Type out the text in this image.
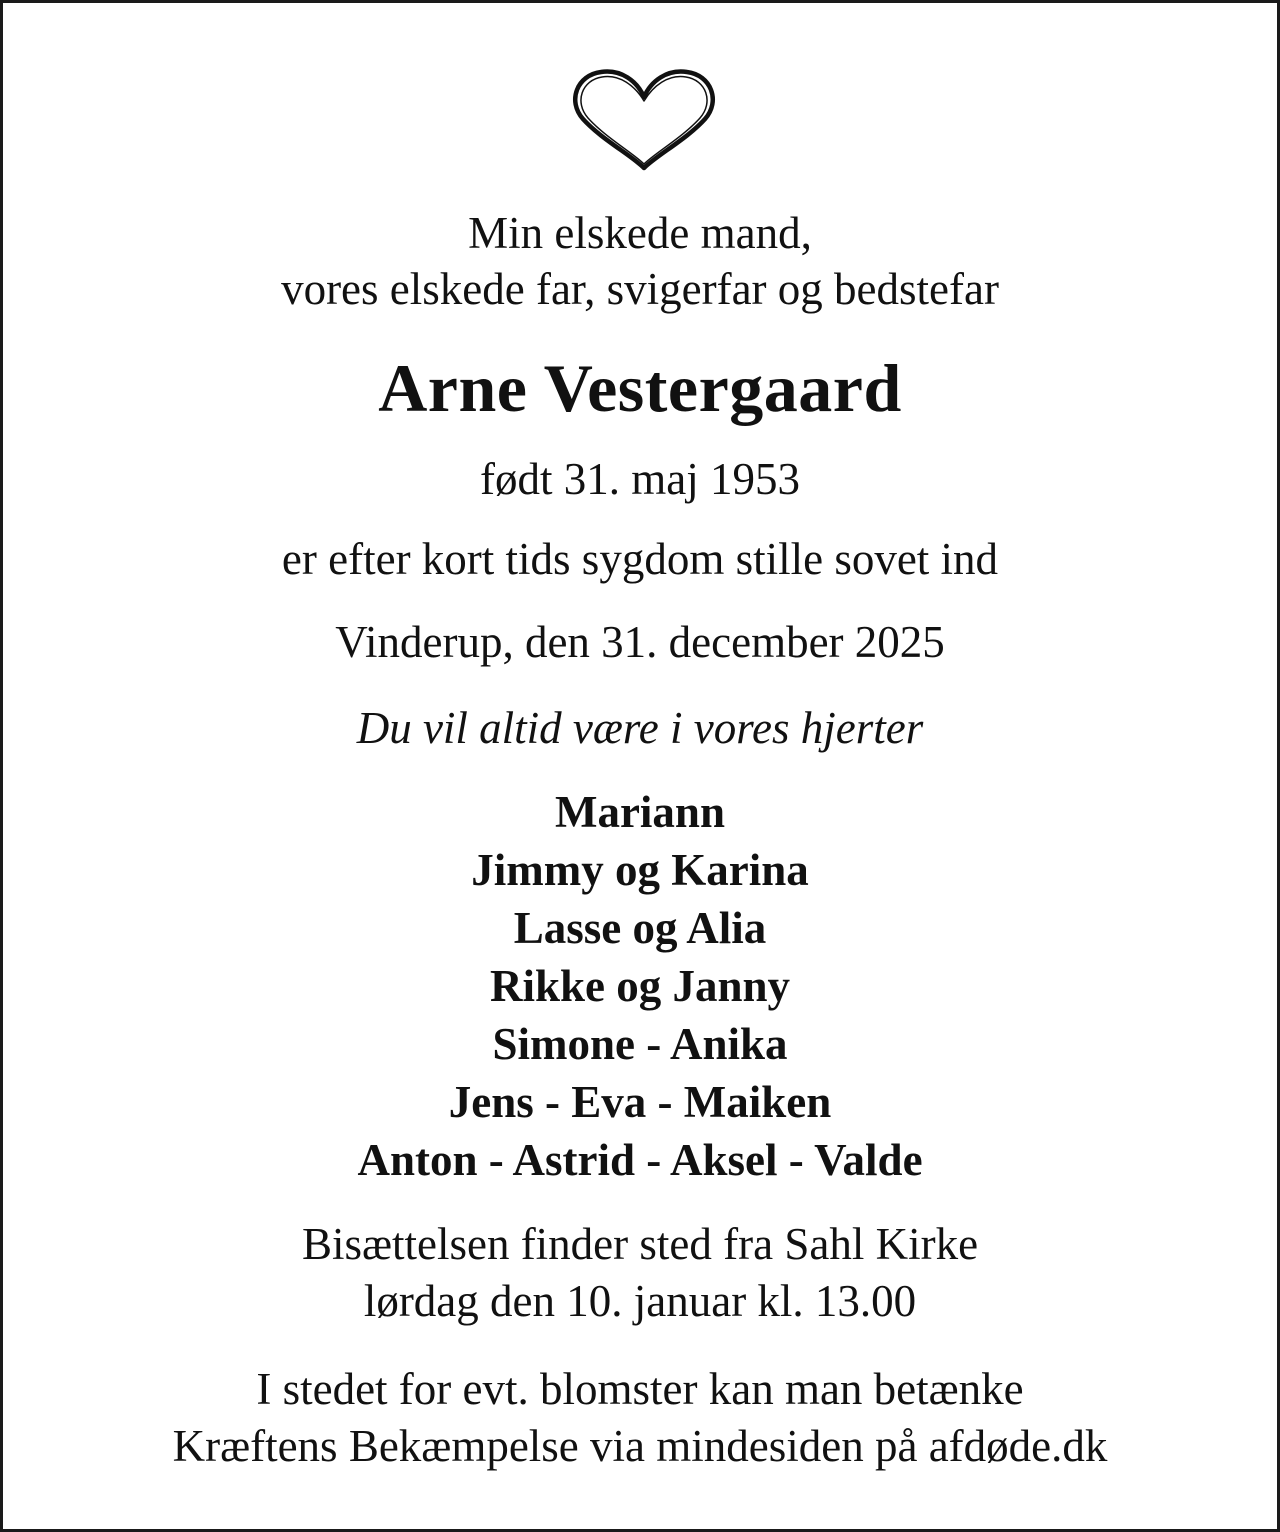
Min elskede mand,
vores elskede far, svigerfar og bedstefar

Arne Vestergaard

født 31. maj 1953

er efter kort tids sygdom stille sovet ind

Vinderup, den 31. december 2025

Du vil altid være i vores hjerter

Mariann
Jimmy og Karina
Lasse og Alia
Rikke og Janny
Simone - Anika
Jens - Eva - Maiken
Anton - Astrid - Aksel - Valde

Bisættelsen finder sted fra Sahl Kirke
lørdag den 10. januar kl. 13.00

I stedet for evt. blomster kan man betænke
Kræftens Bekæmpelse via mindesiden på afdøde.dk
